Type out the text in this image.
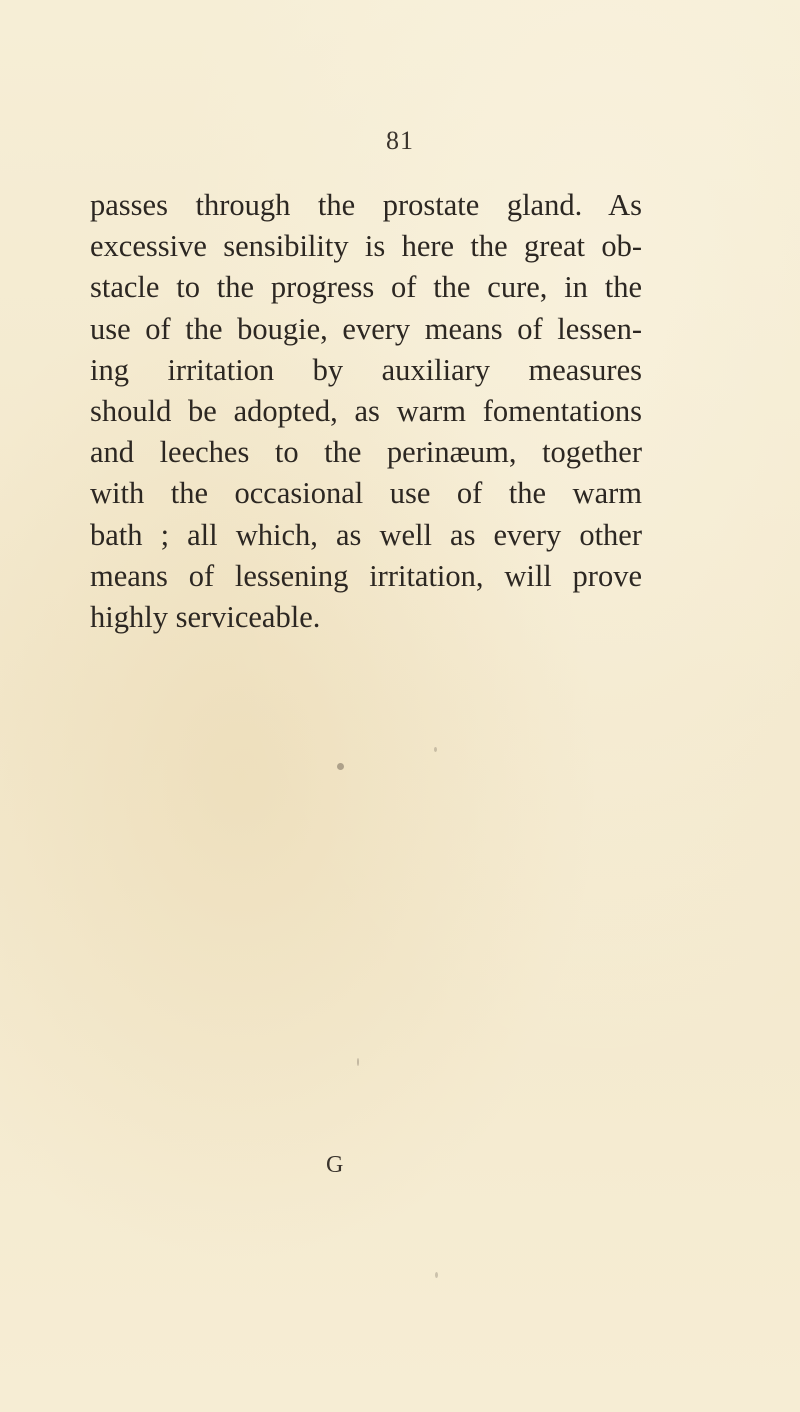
81
passes through the prostate gland. As
excessive sensibility is here the great ob-
stacle to the progress of the cure, in the
use of the bougie, every means of lessen-
ing irritation by auxiliary measures
should be adopted, as warm fomentations
and leeches to the perinæum, together
with the occasional use of the warm
bath ; all which, as well as every other
means of lessening irritation, will prove
highly serviceable.
G
